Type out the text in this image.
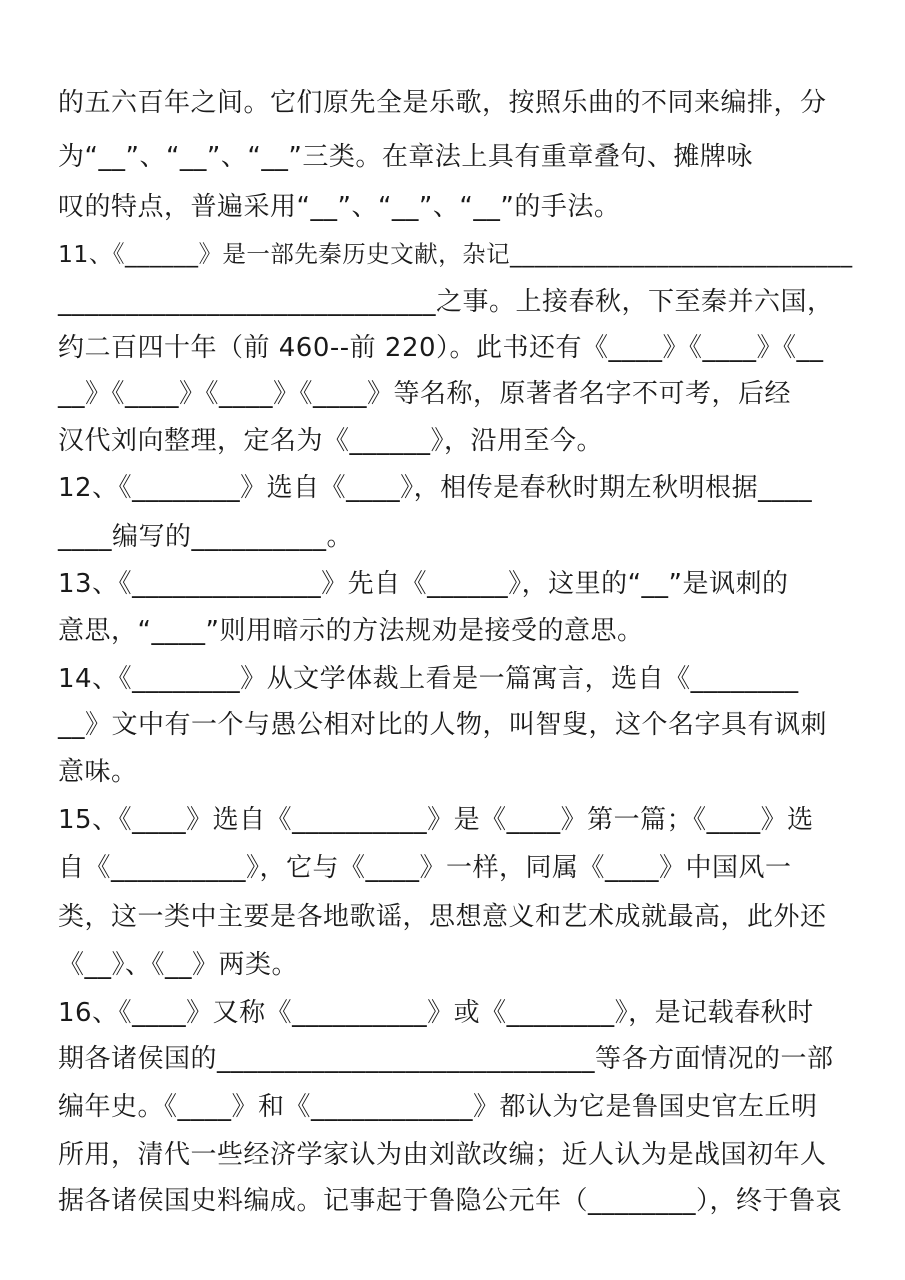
的五六百年之间。它们原先全是乐歌，按照乐曲的不同来编排，分
为“__”、“__”、“__”三类。在章法上具有重章叠句、摊牌咏
叹的特点，普遍采用“__”、“__”、“__”的手法。
11、《______》是一部先秦历史文献，杂记____________________________
____________________________之事。上接春秋，下至秦并六国，
约二百四十年（前 460--前 220）。此书还有《____》《____》《__
__》《____》《____》《____》等名称，原著者名字不可考，后经
汉代刘向整理，定名为《______》，沿用至今。
12、《________》选自《____》，相传是春秋时期左秋明根据____
____编写的__________。
13、《______________》先自《______》，这里的“__”是讽刺的
意思，“____”则用暗示的方法规劝是接受的意思。
14、《________》从文学体裁上看是一篇寓言，选自《________
__》文中有一个与愚公相对比的人物，叫智叟，这个名字具有讽刺
意味。
15、《____》选自《__________》是《____》第一篇；《____》选
自《__________》，它与《____》一样，同属《____》中国风一
类，这一类中主要是各地歌谣，思想意义和艺术成就最高，此外还
《__》、《__》两类。
16、《____》又称《__________》或《________》，是记载春秋时
期各诸侯国的____________________________等各方面情况的一部
编年史。《____》和《____________》都认为它是鲁国史官左丘明
所用，清代一些经济学家认为由刘歆改编；近人认为是战国初年人
据各诸侯国史料编成。记事起于鲁隐公元年（________），终于鲁哀
